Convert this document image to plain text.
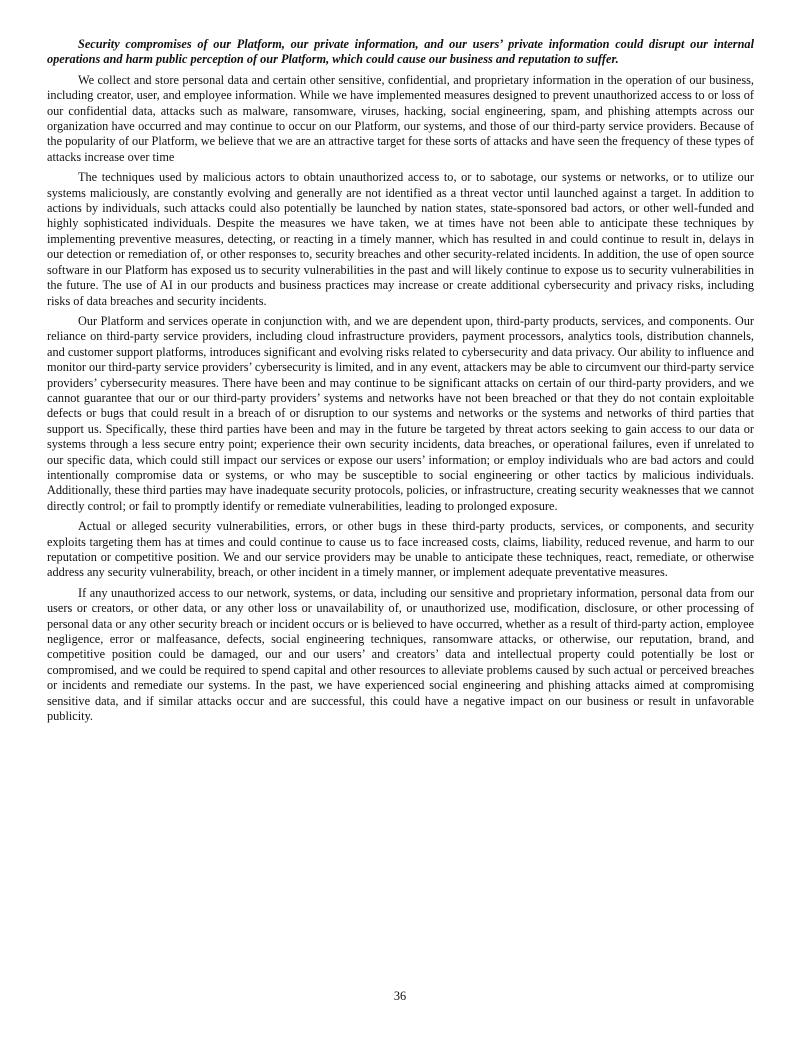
Security compromises of our Platform, our private information, and our users’ private information could disrupt our internal operations and harm public perception of our Platform, which could cause our business and reputation to suffer.

We collect and store personal data and certain other sensitive, confidential, and proprietary information in the operation of our business, including creator, user, and employee information. While we have implemented measures designed to prevent unauthorized access to or loss of our confidential data, attacks such as malware, ransomware, viruses, hacking, social engineering, spam, and phishing attempts across our organization have occurred and may continue to occur on our Platform, our systems, and those of our third-party service providers. Because of the popularity of our Platform, we believe that we are an attractive target for these sorts of attacks and have seen the frequency of these types of attacks increase over time

The techniques used by malicious actors to obtain unauthorized access to, or to sabotage, our systems or networks, or to utilize our systems maliciously, are constantly evolving and generally are not identified as a threat vector until launched against a target. In addition to actions by individuals, such attacks could also potentially be launched by nation states, state-sponsored bad actors, or other well-funded and highly sophisticated individuals. Despite the measures we have taken, we at times have not been able to anticipate these techniques by implementing preventive measures, detecting, or reacting in a timely manner, which has resulted in and could continue to result in, delays in our detection or remediation of, or other responses to, security breaches and other security-related incidents. In addition, the use of open source software in our Platform has exposed us to security vulnerabilities in the past and will likely continue to expose us to security vulnerabilities in the future. The use of AI in our products and business practices may increase or create additional cybersecurity and privacy risks, including risks of data breaches and security incidents.

Our Platform and services operate in conjunction with, and we are dependent upon, third-party products, services, and components. Our reliance on third-party service providers, including cloud infrastructure providers, payment processors, analytics tools, distribution channels, and customer support platforms, introduces significant and evolving risks related to cybersecurity and data privacy. Our ability to influence and monitor our third-party service providers’ cybersecurity is limited, and in any event, attackers may be able to circumvent our third-party service providers’ cybersecurity measures. There have been and may continue to be significant attacks on certain of our third-party providers, and we cannot guarantee that our or our third-party providers’ systems and networks have not been breached or that they do not contain exploitable defects or bugs that could result in a breach of or disruption to our systems and networks or the systems and networks of third parties that support us. Specifically, these third parties have been and may in the future be targeted by threat actors seeking to gain access to our data or systems through a less secure entry point; experience their own security incidents, data breaches, or operational failures, even if unrelated to our specific data, which could still impact our services or expose our users’ information; or employ individuals who are bad actors and could intentionally compromise data or systems, or who may be susceptible to social engineering or other tactics by malicious individuals. Additionally, these third parties may have inadequate security protocols, policies, or infrastructure, creating security weaknesses that we cannot directly control; or fail to promptly identify or remediate vulnerabilities, leading to prolonged exposure.

Actual or alleged security vulnerabilities, errors, or other bugs in these third-party products, services, or components, and security exploits targeting them has at times and could continue to cause us to face increased costs, claims, liability, reduced revenue, and harm to our reputation or competitive position. We and our service providers may be unable to anticipate these techniques, react, remediate, or otherwise address any security vulnerability, breach, or other incident in a timely manner, or implement adequate preventative measures.

If any unauthorized access to our network, systems, or data, including our sensitive and proprietary information, personal data from our users or creators, or other data, or any other loss or unavailability of, or unauthorized use, modification, disclosure, or other processing of personal data or any other security breach or incident occurs or is believed to have occurred, whether as a result of third-party action, employee negligence, error or malfeasance, defects, social engineering techniques, ransomware attacks, or otherwise, our reputation, brand, and competitive position could be damaged, our and our users’ and creators’ data and intellectual property could potentially be lost or compromised, and we could be required to spend capital and other resources to alleviate problems caused by such actual or perceived breaches or incidents and remediate our systems. In the past, we have experienced social engineering and phishing attacks aimed at compromising sensitive data, and if similar attacks occur and are successful, this could have a negative impact on our business or result in unfavorable publicity.

36
